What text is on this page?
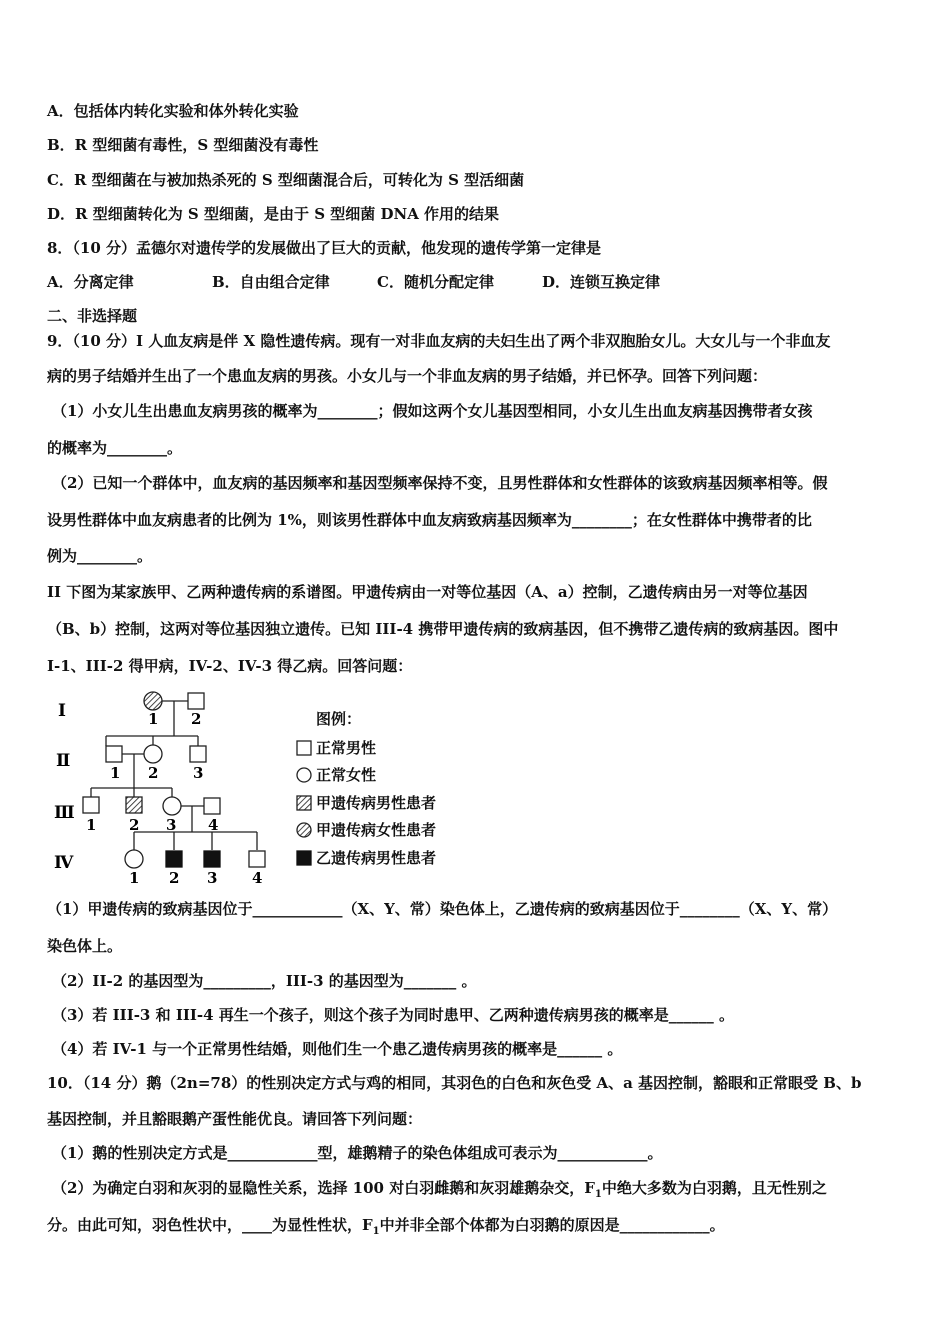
A．包括体内转化实验和体外转化实验
B．R 型细菌有毒性，S 型细菌没有毒性
C．R 型细菌在与被加热杀死的 S 型细菌混合后，可转化为 S 型活细菌
D．R 型细菌转化为 S 型细菌，是由于 S 型细菌 DNA 作用的结果
8．（10 分）孟德尔对遗传学的发展做出了巨大的贡献，他发现的遗传学第一定律是
A．分离定律	B．自由组合定律	C．随机分配定律	D．连锁互换定律
二、非选择题
9．（10 分）I 人血友病是伴 X 隐性遗传病。现有一对非血友病的夫妇生出了两个非双胞胎女儿。大女儿与一个非血友
病的男子结婚并生出了一个患血友病的男孩。小女儿与一个非血友病的男子结婚，并已怀孕。回答下列问题：
（1）小女儿生出患血友病男孩的概率为________；假如这两个女儿基因型相同，小女儿生出血友病基因携带者女孩
的概率为________。
（2）已知一个群体中，血友病的基因频率和基因型频率保持不变，且男性群体和女性群体的该致病基因频率相等。假
设男性群体中血友病患者的比例为 1%，则该男性群体中血友病致病基因频率为________；在女性群体中携带者的比
例为________。
II 下图为某家族甲、乙两种遗传病的系谱图。甲遗传病由一对等位基因（A、a）控制，乙遗传病由另一对等位基因
（B、b）控制，这两对等位基因独立遗传。已知 III-4 携带甲遗传病的致病基因，但不携带乙遗传病的致病基因。图中
I-1、III-2 得甲病，IV-2、IV-3 得乙病。回答问题：
Ⅰ
Ⅱ
Ⅲ
Ⅳ
1 2
1 2 3
1 2 3 4
1 2 3 4
图例：
正常男性
正常女性
甲遗传病男性患者
甲遗传病女性患者
乙遗传病男性患者
（1）甲遗传病的致病基因位于____________（X、Y、常）染色体上，乙遗传病的致病基因位于________（X、Y、常）
染色体上。
（2）II-2 的基因型为_________，III-3 的基因型为_______ 。
（3）若 III-3 和 III-4 再生一个孩子，则这个孩子为同时患甲、乙两种遗传病男孩的概率是______ 。
（4）若 IV-1 与一个正常男性结婚，则他们生一个患乙遗传病男孩的概率是______ 。
10．（14 分）鹅（2n=78）的性别决定方式与鸡的相同，其羽色的白色和灰色受 A、a 基因控制，豁眼和正常眼受 B、b
基因控制，并且豁眼鹅产蛋性能优良。请回答下列问题：
（1）鹅的性别决定方式是____________型，雄鹅精子的染色体组成可表示为____________。
（2）为确定白羽和灰羽的显隐性关系，选择 100 对白羽雌鹅和灰羽雄鹅杂交，$F_1$中绝大多数为白羽鹅，且无性别之
分。由此可知，羽色性状中，____为显性性状，$F_1$中并非全部个体都为白羽鹅的原因是____________。
